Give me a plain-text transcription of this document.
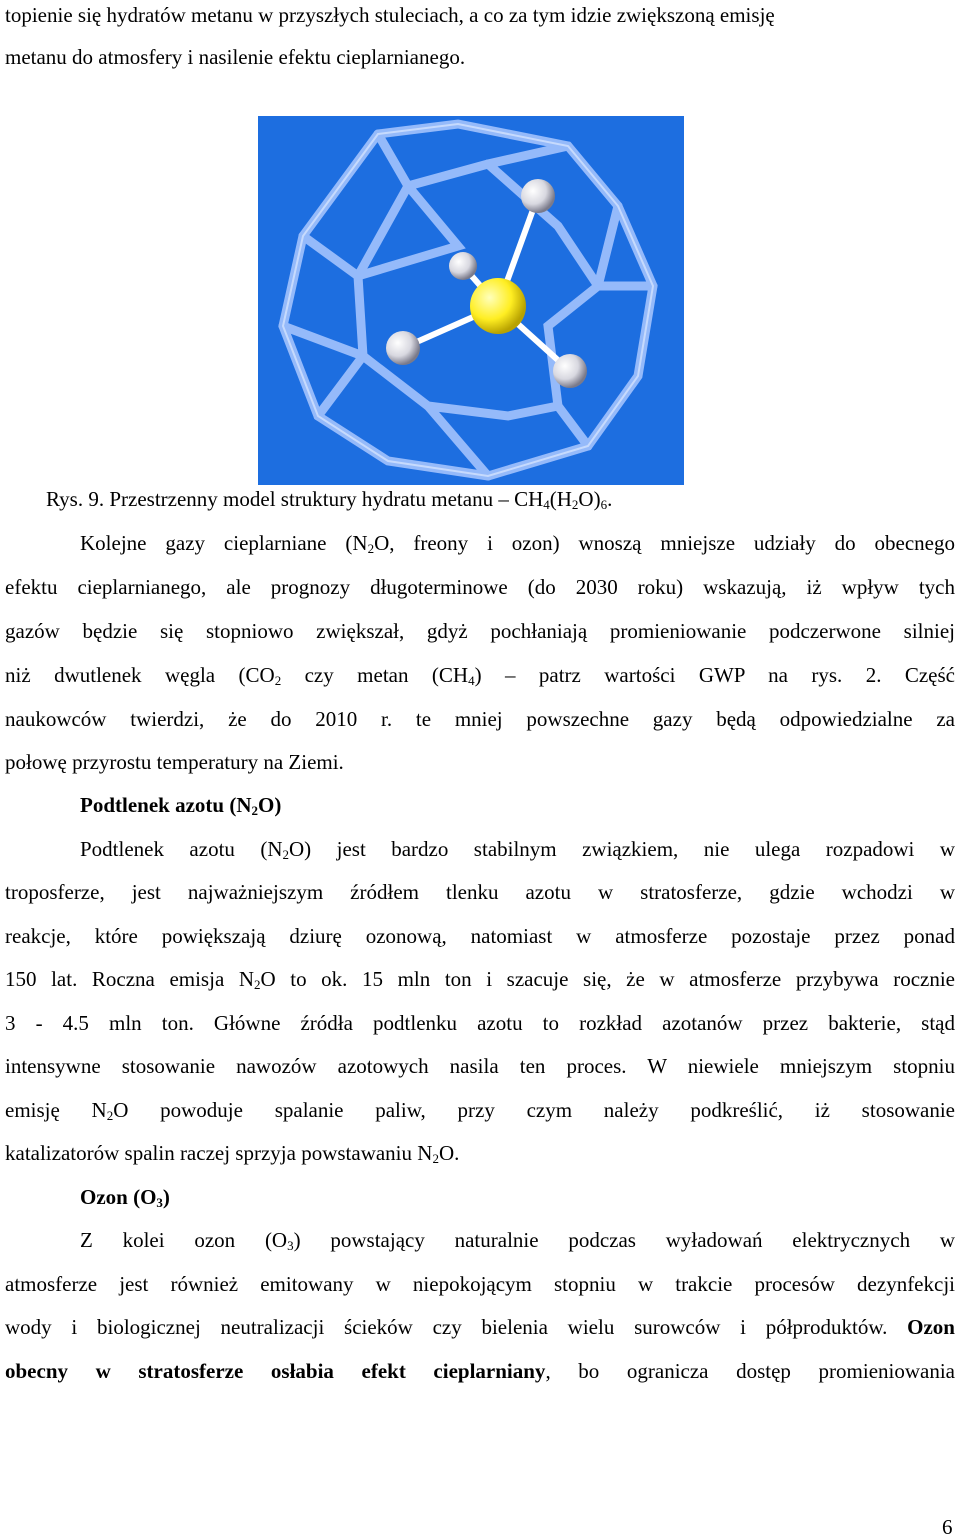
topienie się hydratów metanu w przyszłych stuleciach, a co za tym idzie zwiększoną emisję
metanu do atmosfery i nasilenie efektu cieplarnianego.
Rys. 9. Przestrzenny model struktury hydratu metanu – $CH_4(H_2O)_6$.
Kolejne gazy cieplarniane ($N_2O$, freony i ozon) wnoszą mniejsze udziały do obecnego
efektu cieplarnianego, ale prognozy długoterminowe (do 2030 roku) wskazują, iż wpływ tych
gazów będzie się stopniowo zwiększał, gdyż pochłaniają promieniowanie podczerwone silniej
niż dwutlenek węgla ($CO_2$ czy metan $(CH_4)$ – patrz wartości GWP na rys. 2. Część
naukowców twierdzi, że do 2010 r. te mniej powszechne gazy będą odpowiedzialne za
połowę przyrostu temperatury na Ziemi.
Podtlenek azotu $(N_2O)$
Podtlenek azotu $(N_2O)$ jest bardzo stabilnym związkiem, nie ulega rozpadowi w
troposferze, jest najważniejszym źródłem tlenku azotu w stratosferze, gdzie wchodzi w
reakcje, które powiększają dziurę ozonową, natomiast w atmosferze pozostaje przez ponad
150 lat. Roczna emisja $N_2O$ to ok. 15 mln ton i szacuje się, że w atmosferze przybywa rocznie
3 - 4.5 mln ton. Główne źródła podtlenku azotu to rozkład azotanów przez bakterie, stąd
intensywne stosowanie nawozów azotowych nasila ten proces. W niewiele mniejszym stopniu
emisję $N_2O$ powoduje spalanie paliw, przy czym należy podkreślić, iż stosowanie
katalizatorów spalin raczej sprzyja powstawaniu $N_2O$.
Ozon $(O_3)$
Z kolei ozon $(O_3)$ powstający naturalnie podczas wyładowań elektrycznych w
atmosferze jest również emitowany w niepokojącym stopniu w trakcie procesów dezynfekcji
wody i biologicznej neutralizacji ścieków czy bielenia wielu surowców i półproduktów. Ozon
obecny w stratosferze osłabia efekt cieplarniany, bo ogranicza dostęp promieniowania
6
